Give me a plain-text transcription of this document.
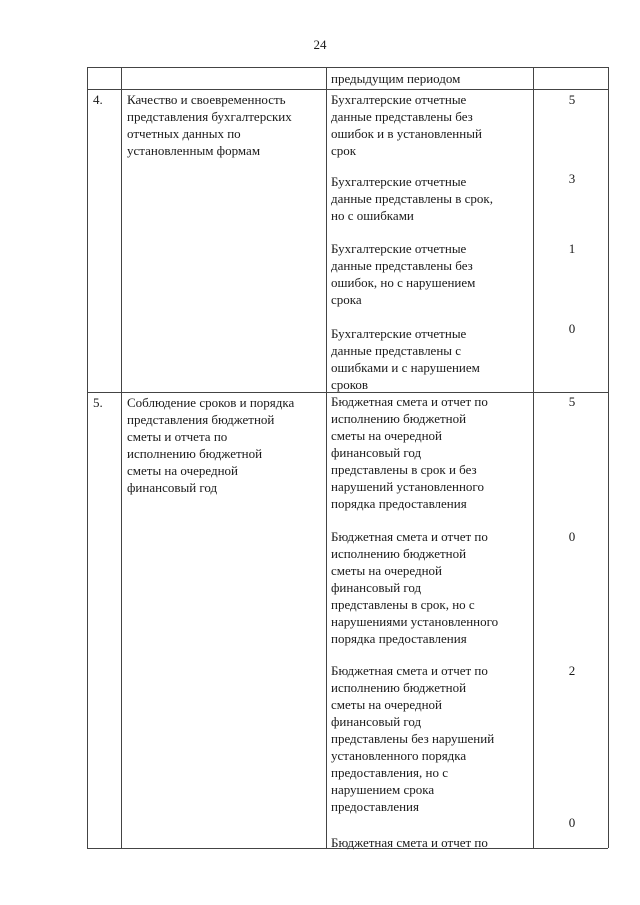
24
предыдущим периодом
4. Качество и своевременность
представления бухгалтерских
отчетных данных по
установленным формам
Бухгалтерские отчетные
данные представлены без
ошибок и в установленный
срок
5
Бухгалтерские отчетные
данные представлены в срок,
но с ошибками
3
Бухгалтерские отчетные
данные представлены без
ошибок, но с нарушением
срока
1
Бухгалтерские отчетные
данные представлены с
ошибками и с нарушением
сроков
0
5. Соблюдение сроков и порядка
представления бюджетной
сметы и отчета по
исполнению бюджетной
сметы на очередной
финансовый год
Бюджетная смета и отчет по
исполнению бюджетной
сметы на очередной
финансовый год
представлены в срок и без
нарушений установленного
порядка предоставления
5
Бюджетная смета и отчет по
исполнению бюджетной
сметы на очередной
финансовый год
представлены в срок, но с
нарушениями установленного
порядка предоставления
0
Бюджетная смета и отчет по
исполнению бюджетной
сметы на очередной
финансовый год
представлены без нарушений
установленного порядка
предоставления, но с
нарушением срока
предоставления
2
Бюджетная смета и отчет по
0
